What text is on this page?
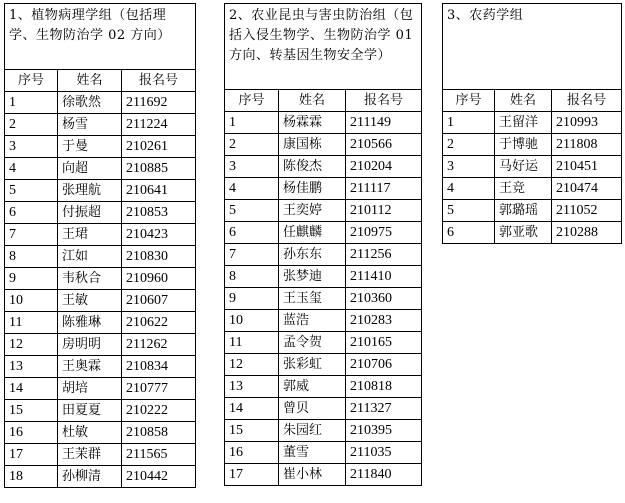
1、植物病理学组（包括理学、生物防治学 02 方向）		
序号	姓名	报名号
1	徐歌然	211692
2	杨雪	211224
3	于曼	210261
4	向超	210885
5	张理航	210641
6	付振超	210853
7	王珺	210423
8	江如	210830
9	韦秋合	210960
10	王敏	210607
11	陈雅琳	210622
12	房明明	211262
13	王奥霖	210834
14	胡培	210777
15	田夏夏	210222
16	杜敏	210858
17	王茉群	211565
18	孙柳清	210442
2、农业昆虫与害虫防治组（包括入侵生物学、生物防治学 01 方向、转基因生物安全学）		
序号	姓名	报名号
1	杨霖霖	211149
2	康国栋	210566
3	陈俊杰	210204
4	杨佳鹏	211117
5	王奕婷	210112
6	任麒麟	210975
7	孙东东	211256
8	张梦迪	211410
9	王玉玺	210360
10	蓝浩	210283
11	孟令贺	210165
12	张彩虹	210706
13	郭威	210818
14	曾贝	211327
15	朱园红	210395
16	董雪	211035
17	崔小林	211840
3、农药学组		
序号	姓名	报名号
1	王留洋	210993
2	于博驰	211808
3	马好运	210451
4	王竞	210474
5	郭璐瑶	211052
6	郭亚歌	210288
